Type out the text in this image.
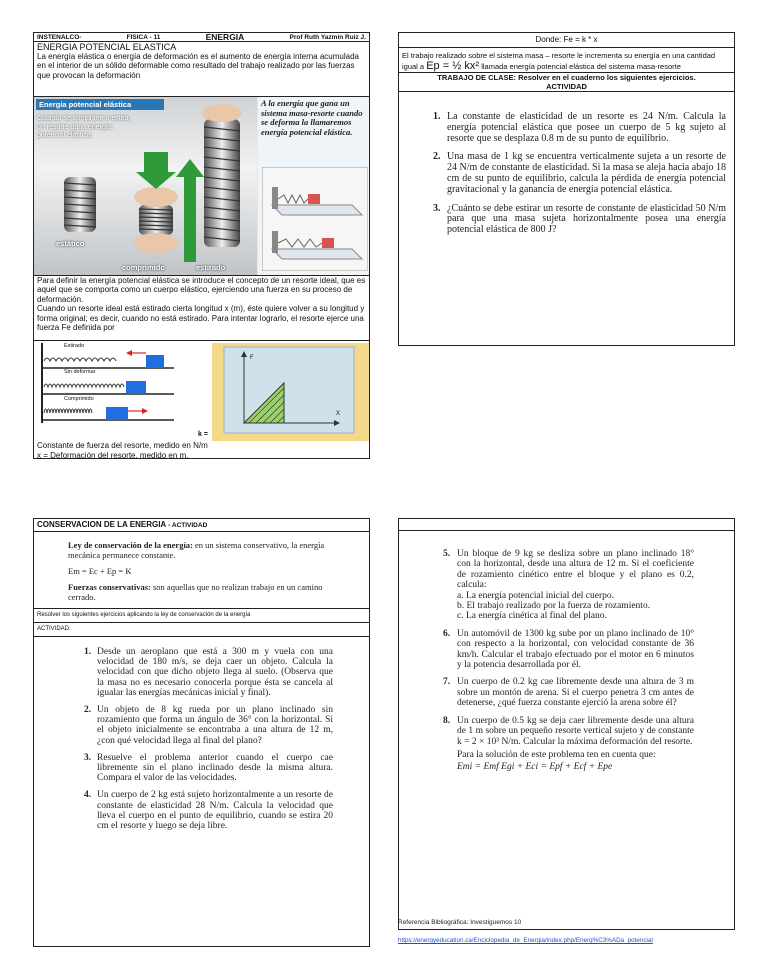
INSTENALCO-	FISICA - 11	ENERGIA	Prof Ruth Yazmin Ruiz J.
ENERGIA POTENCIAL ELASTICA
La energía elástica o energía de deformación es el aumento de energía interna acumulada en el interior de un sólido deformable como resultado del trabajo realizado por las fuerzas que provocan la deformación
Energía potencial elástica
Cuando se comprime o estira, un resorte gana energía potencial elástica.
estático
comprimido	estirado
A la energía que gana un sistema masa-resorte cuando se deforma la llamaremos energía potencial elástica.
Para definir la energía potencial elástica se introduce el concepto de un resorte ideal, que es aquel que se comporta como un cuerpo elástico, ejerciendo una fuerza en su proceso de deformación.
Cuando un resorte ideal está estirado cierta longitud x (m), éste quiere volver a su longitud y forma original; es decir, cuando no está estirado. Para intentar lograrlo, el resorte ejerce una fuerza Fe definida por
Estirado
Sin deformar
Comprimido
k =
F
X
Constante de fuerza del resorte, medido en N/m
x = Deformación del resorte, medido en m.
Donde: Fe = k * x
El trabajo realizado sobre el sistema masa – resorte le incrementa su energía en una cantidad igual a Ep = ½ kx² llamada energía potencial elástica del sistema masa-resorte
TRABAJO DE CLASE: Resolver en el cuaderno los siguientes ejercicios.
ACTIVIDAD
1. La constante de elasticidad de un resorte es 24 N/m. Calcula la energía potencial elástica que posee un cuerpo de 5 kg sujeto al resorte que se desplaza 0.8 m de su punto de equilibrio.
2. Una masa de 1 kg se encuentra verticalmente sujeta a un resorte de 24 N/m de constante de elasticidad. Si la masa se aleja hacia abajo 18 cm de su punto de equilibrio, calcula la pérdida de energía potencial gravitacional y la ganancia de energía potencial elástica.
3. ¿Cuánto se debe estirar un resorte de constante de elasticidad 50 N/m para que una masa sujeta horizontalmente posea una energía potencial elástica de 800 J?
CONSERVACION DE LA ENERGIA - ACTIVIDAD

Ley de conservación de la energía: en un sistema conservativo, la energía mecánica permanece constante.

Em = Ec + Ep = K

Fuerzas conservativas: son aquellas que no realizan trabajo en un camino cerrado.

Resolver los siguientes ejercicios aplicando la ley de conservación de la energía
ACTIVIDAD.
1. Desde un aeroplano que está a 300 m y vuela con una velocidad de 180 m/s, se deja caer un objeto. Calcula la velocidad con que dicho objeto llega al suelo. (Observa que la masa no es necesario conocerla porque ésta se cancela al igualar las energías mecánicas inicial y final).
2. Un objeto de 8 kg rueda por un plano inclinado sin rozamiento que forma un ángulo de 36° con la horizontal. Si el objeto inicialmente se encontraba a una altura de 12 m, ¿con qué velocidad llega al final del plano?
3. Resuelve el problema anterior cuando el cuerpo cae libremente sin el plano inclinado desde la misma altura. Compara el valor de las velocidades.
4. Un cuerpo de 2 kg está sujeto horizontalmente a un resorte de constante de elasticidad 28 N/m. Calcula la velocidad que lleva el cuerpo en el punto de equilibrio, cuando se estira 20 cm el resorte y luego se deja libre.
5. Un bloque de 9 kg se desliza sobre un plano inclinado 18° con la horizontal, desde una altura de 12 m. Si el coeficiente de rozamiento cinético entre el bloque y el plano es 0.2, calcula:
a. La energía potencial inicial del cuerpo.
b. El trabajo realizado por la fuerza de rozamiento.
c. La energía cinética al final del plano.
6. Un automóvil de 1300 kg sube por un plano inclinado de 10° con respecto a la horizontal, con velocidad constante de 36 km/h. Calcular el trabajo efectuado por el motor en 6 minutos y la potencia desarrollada por él.
7. Un cuerpo de 0.2 kg cae libremente desde una altura de 3 m sobre un montón de arena. Si el cuerpo penetra 3 cm antes de detenerse, ¿qué fuerza constante ejerció la arena sobre él?
8. Un cuerpo de 0.5 kg se deja caer libremente desde una altura de 1 m sobre un pequeño resorte vertical sujeto y de constante k = 2 × 10³ N/m. Calcular la máxima deformación del resorte.
Para la solución de este problema ten en cuenta que:
Emi = Emf Egi + Eci = Epf + Ecf + Epe
Referencia Bibliográfica: Investiguemos 10
https://energyeducation.ca/Enciclopedia_de_Energia/index.php/Energ%C3%ADa_potencial
